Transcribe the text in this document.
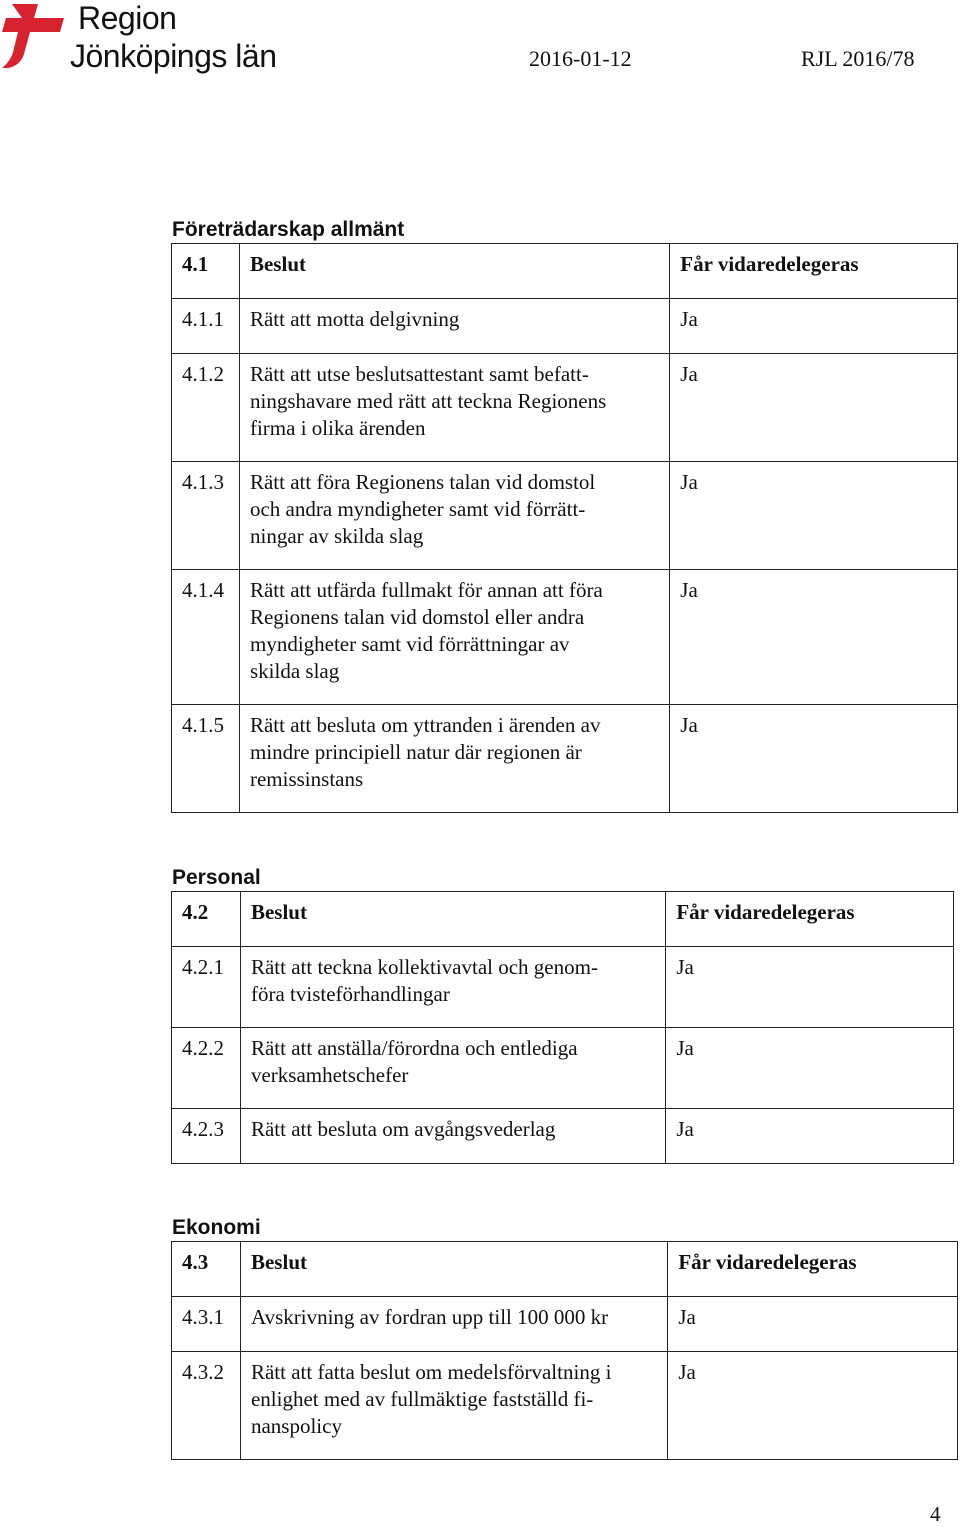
Region
Jönköpings län	2016-01-12	RJL 2016/78
Företrädarskap allmänt
4.1	Beslut	Får vidaredelegeras
4.1.1	Rätt att motta delgivning	Ja
4.1.2	Rätt att utse beslutsattestant samt befatt-
ningshavare med rätt att teckna Regionens
firma i olika ärenden	Ja
4.1.3	Rätt att föra Regionens talan vid domstol
och andra myndigheter samt vid förrätt-
ningar av skilda slag	Ja
4.1.4	Rätt att utfärda fullmakt för annan att föra
Regionens talan vid domstol eller andra
myndigheter samt vid förrättningar av
skilda slag	Ja
4.1.5	Rätt att besluta om yttranden i ärenden av
mindre principiell natur där regionen är
remissinstans	Ja
Personal
4.2	Beslut	Får vidaredelegeras
4.2.1	Rätt att teckna kollektivavtal och genom-
föra tvisteförhandlingar	Ja
4.2.2	Rätt att anställa/förordna och entlediga
verksamhetschefer	Ja
4.2.3	Rätt att besluta om avgångsvederlag	Ja
Ekonomi
4.3	Beslut	Får vidaredelegeras
4.3.1	Avskrivning av fordran upp till 100 000 kr	Ja
4.3.2	Rätt att fatta beslut om medelsförvaltning i
enlighet med av fullmäktige fastställd fi-
nanspolicy	Ja
4
